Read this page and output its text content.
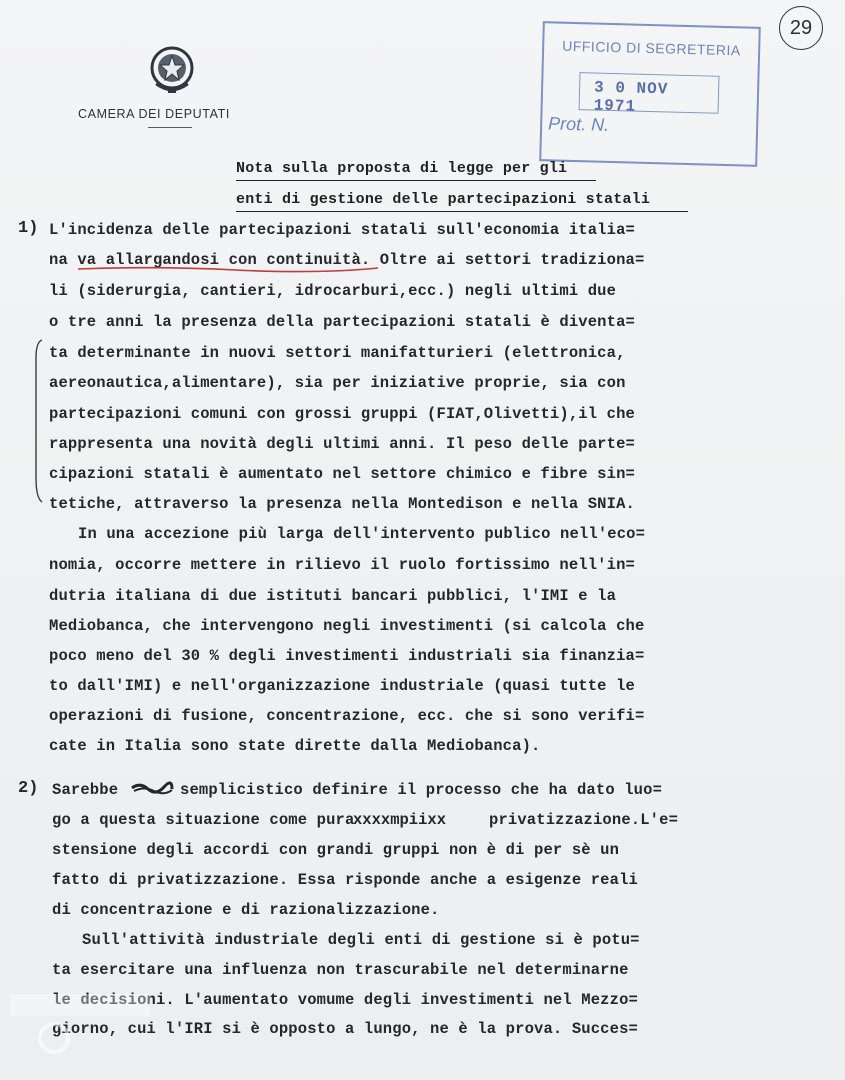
CAMERA DEI DEPUTATI
UFFICIO DI SEGRETERIA
3 0 NOV 1971
Prot. N.
29
Nota sulla proposta di legge per gli
enti di gestione delle partecipazioni statali
1) L'incidenza delle partecipazioni statali sull'economia italia=
na va allargandosi con continuità. Oltre ai settori tradiziona=
li (siderurgia, cantieri, idrocarburi,ecc.) negli ultimi due
o tre anni la presenza della partecipazioni statali è diventa=
ta determinante in nuovi settori manifatturieri (elettronica,
aereonautica,alimentare), sia per iniziative proprie, sia con
partecipazioni comuni con grossi gruppi (FIAT,Olivetti),il che
rappresenta una novità degli ultimi anni. Il peso delle parte=
cipazioni statali è aumentato nel settore chimico e fibre sin=
tetiche, attraverso la presenza nella Montedison e nella SNIA.
In una accezione più larga dell'intervento publico nell'eco=
nomia, occorre mettere in rilievo il ruolo fortissimo nell'in=
dutria italiana di due istituti bancari pubblici, l'IMI e la
Mediobanca, che intervengono negli investimenti (si calcola che
poco meno del 30 % degli investimenti industriali sia finanzia=
to dall'IMI) e nell'organizzazione industriale (quasi tutte le
operazioni di fusione, concentrazione, ecc. che si sono verifi=
cate in Italia sono state dirette dalla Mediobanca).
2) Sarebbe	semplicistico definire il processo che ha dato luo=
go a questa situazione come pura
xxxxmpiixx	privatizzazione.L'e=
stensione degli accordi con grandi gruppi non è di per sè un
fatto di privatizzazione. Essa risponde anche a esigenze reali
di concentrazione e di razionalizzazione.
Sull'attività industriale degli enti di gestione si è potu=
ta esercitare una influenza non trascurabile nel determinarne
le decisioni. L'aumentato vomume degli investimenti nel Mezzo=
giorno, cui l'IRI si è opposto a lungo, ne è la prova. Succes=
